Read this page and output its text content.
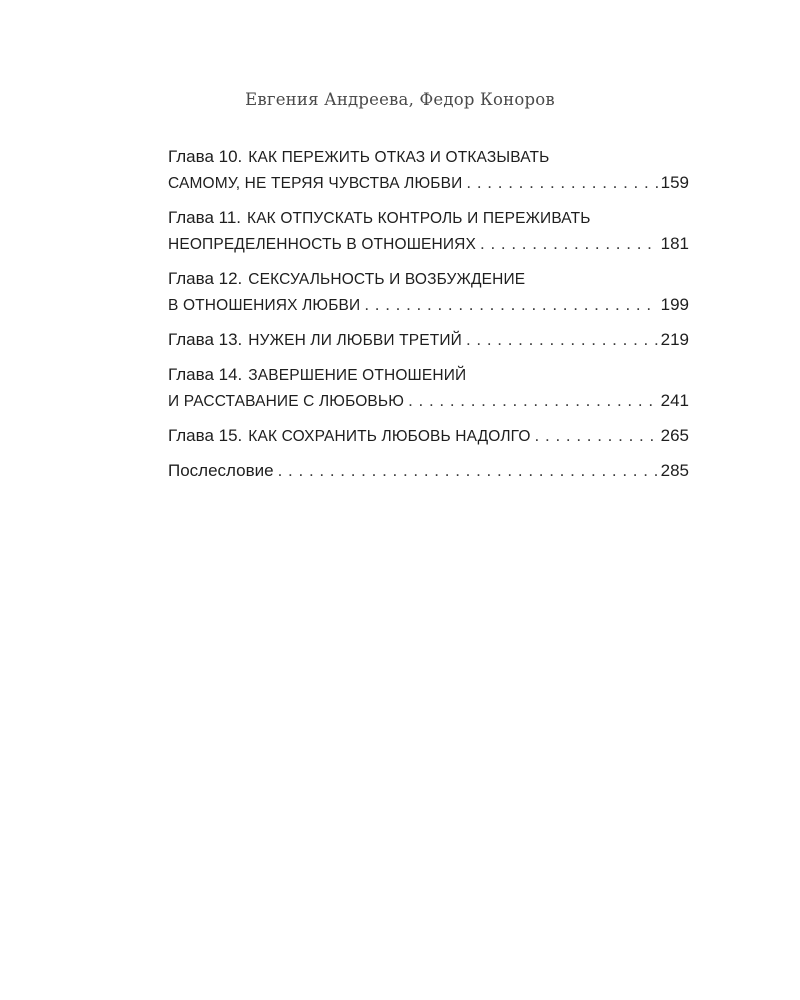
Евгения Андреева, Федор Коноров
Глава 10. КАК ПЕРЕЖИТЬ ОТКАЗ И ОТКАЗЫВАТЬ
САМОМУ, НЕ ТЕРЯЯ ЧУВСТВА ЛЮБВИ . . .	159
Глава 11. КАК ОТПУСКАТЬ КОНТРОЛЬ И ПЕРЕЖИВАТЬ
НЕОПРЕДЕЛЕННОСТЬ В ОТНОШЕНИЯХ . . .	181
Глава 12. СЕКСУАЛЬНОСТЬ И ВОЗБУЖДЕНИЕ
В ОТНОШЕНИЯХ ЛЮБВИ . . .	199
Глава 13. НУЖЕН ЛИ ЛЮБВИ ТРЕТИЙ . . .	219
Глава 14. ЗАВЕРШЕНИЕ ОТНОШЕНИЙ
И РАССТАВАНИЕ С ЛЮБОВЬЮ . . .	241
Глава 15. КАК СОХРАНИТЬ ЛЮБОВЬ НАДОЛГО . . .	265
Послесловие . . .	285
